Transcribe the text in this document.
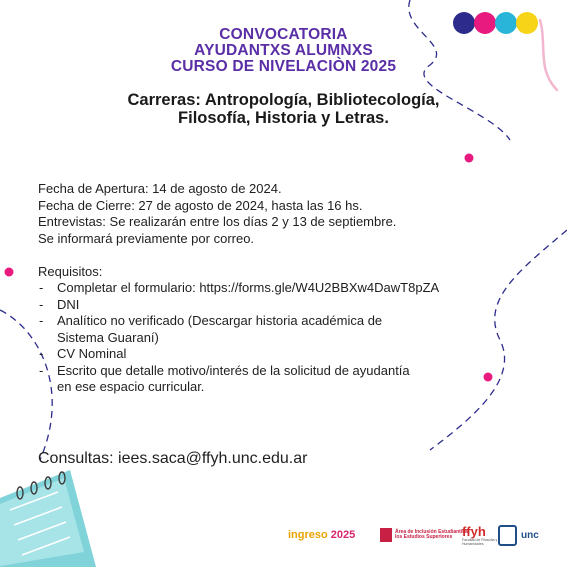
CONVOCATORIA
AYUDANTXS ALUMNXS
CURSO DE NIVELACIÒN 2025
Carreras: Antropología, Bibliotecología,
Filosofía, Historia y Letras.
Fecha de Apertura: 14 de agosto de 2024.
Fecha de Cierre: 27 de agosto de 2024, hasta las 16 hs.
Entrevistas: Se realizarán entre los días 2 y 13 de septiembre.
Se informará previamente por correo.
Requisitos:
- Completar el formulario: https://forms.gle/W4U2BBXw4DawT8pZA
- DNI
- Analítico no verificado (Descargar historia académica de
Sistema Guaraní)
- CV Nominal
- Escrito que detalle motivo/interés de la solicitud de ayudantía
en ese espacio curricular.
Consultas: iees.saca@ffyh.unc.edu.ar
ingreso
2025	Área de Inclusión Estudiantil a los Estudios Superiores ffyh
Facultad de Filosofía y Humanidades
unc
